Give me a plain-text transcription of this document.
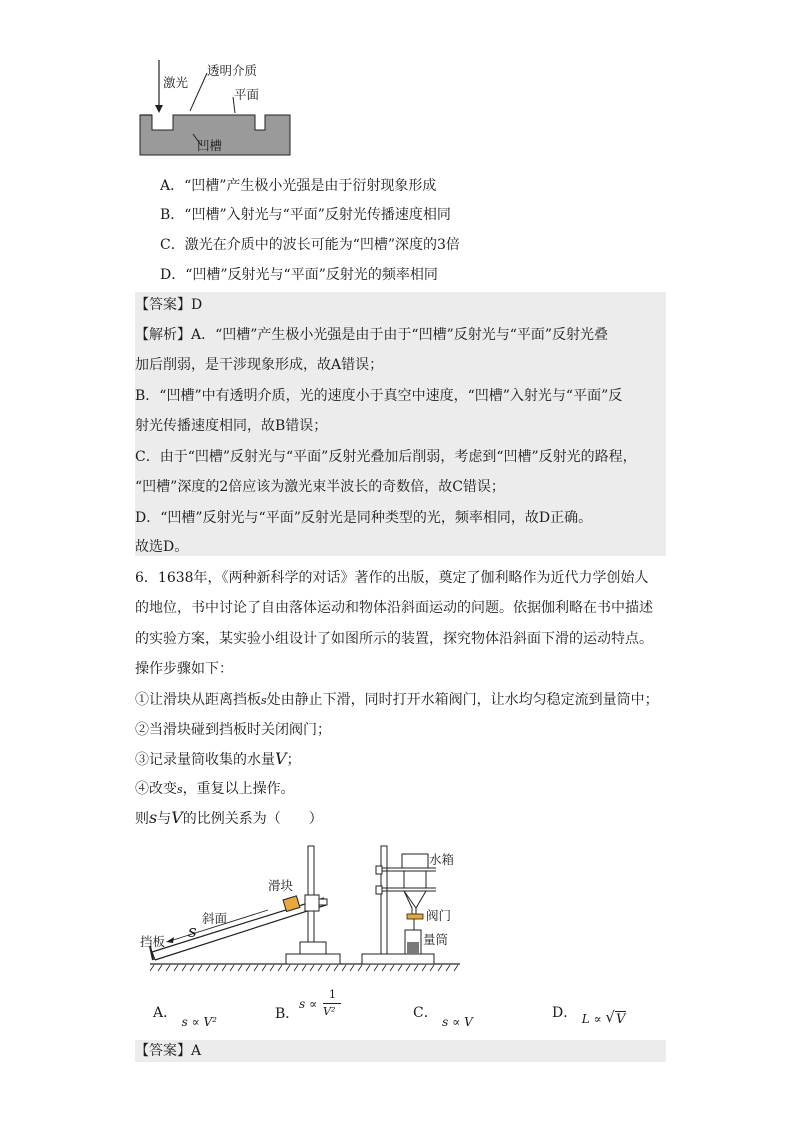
激光
透明介质
平面
凹槽
A．“凹槽”产生极小光强是由于衍射现象形成
B．“凹槽”入射光与“平面”反射光传播速度相同
C．激光在介质中的波长可能为“凹槽”深度的3倍
D．“凹槽”反射光与“平面”反射光的频率相同
【答案】D
【解析】A．“凹槽”产生极小光强是由于由于“凹槽”反射光与“平面”反射光叠
加后削弱，是干涉现象形成，故A错误；
B．“凹槽”中有透明介质，光的速度小于真空中速度，“凹槽”入射光与“平面”反
射光传播速度相同，故B错误；
C．由于“凹槽”反射光与“平面”反射光叠加后削弱，考虑到“凹槽”反射光的路程，
“凹槽”深度的2倍应该为激光束半波长的奇数倍，故C错误；
D．“凹槽”反射光与“平面”反射光是同种类型的光，频率相同，故D正确。
故选D。
6．1638年，《两种新科学的对话》著作的出版，奠定了伽利略作为近代力学创始人
的地位，书中讨论了自由落体运动和物体沿斜面运动的问题。依据伽利略在书中描述
的实验方案，某实验小组设计了如图所示的装置，探究物体沿斜面下滑的运动特点。
操作步骤如下：
①让滑块从距离挡板s处由静止下滑，同时打开水箱阀门，让水均匀稳定流到量筒中；
②当滑块碰到挡板时关闭阀门；
③记录量筒收集的水量V；
④改变s，重复以上操作。
则s与V的比例关系为（　　）
滑块
斜面
s
挡板
水箱
阀门
量筒
A． s ∝ V²	B．
s ∝
1
V²	C． s ∝ V
D． L ∝ √V
【答案】A
